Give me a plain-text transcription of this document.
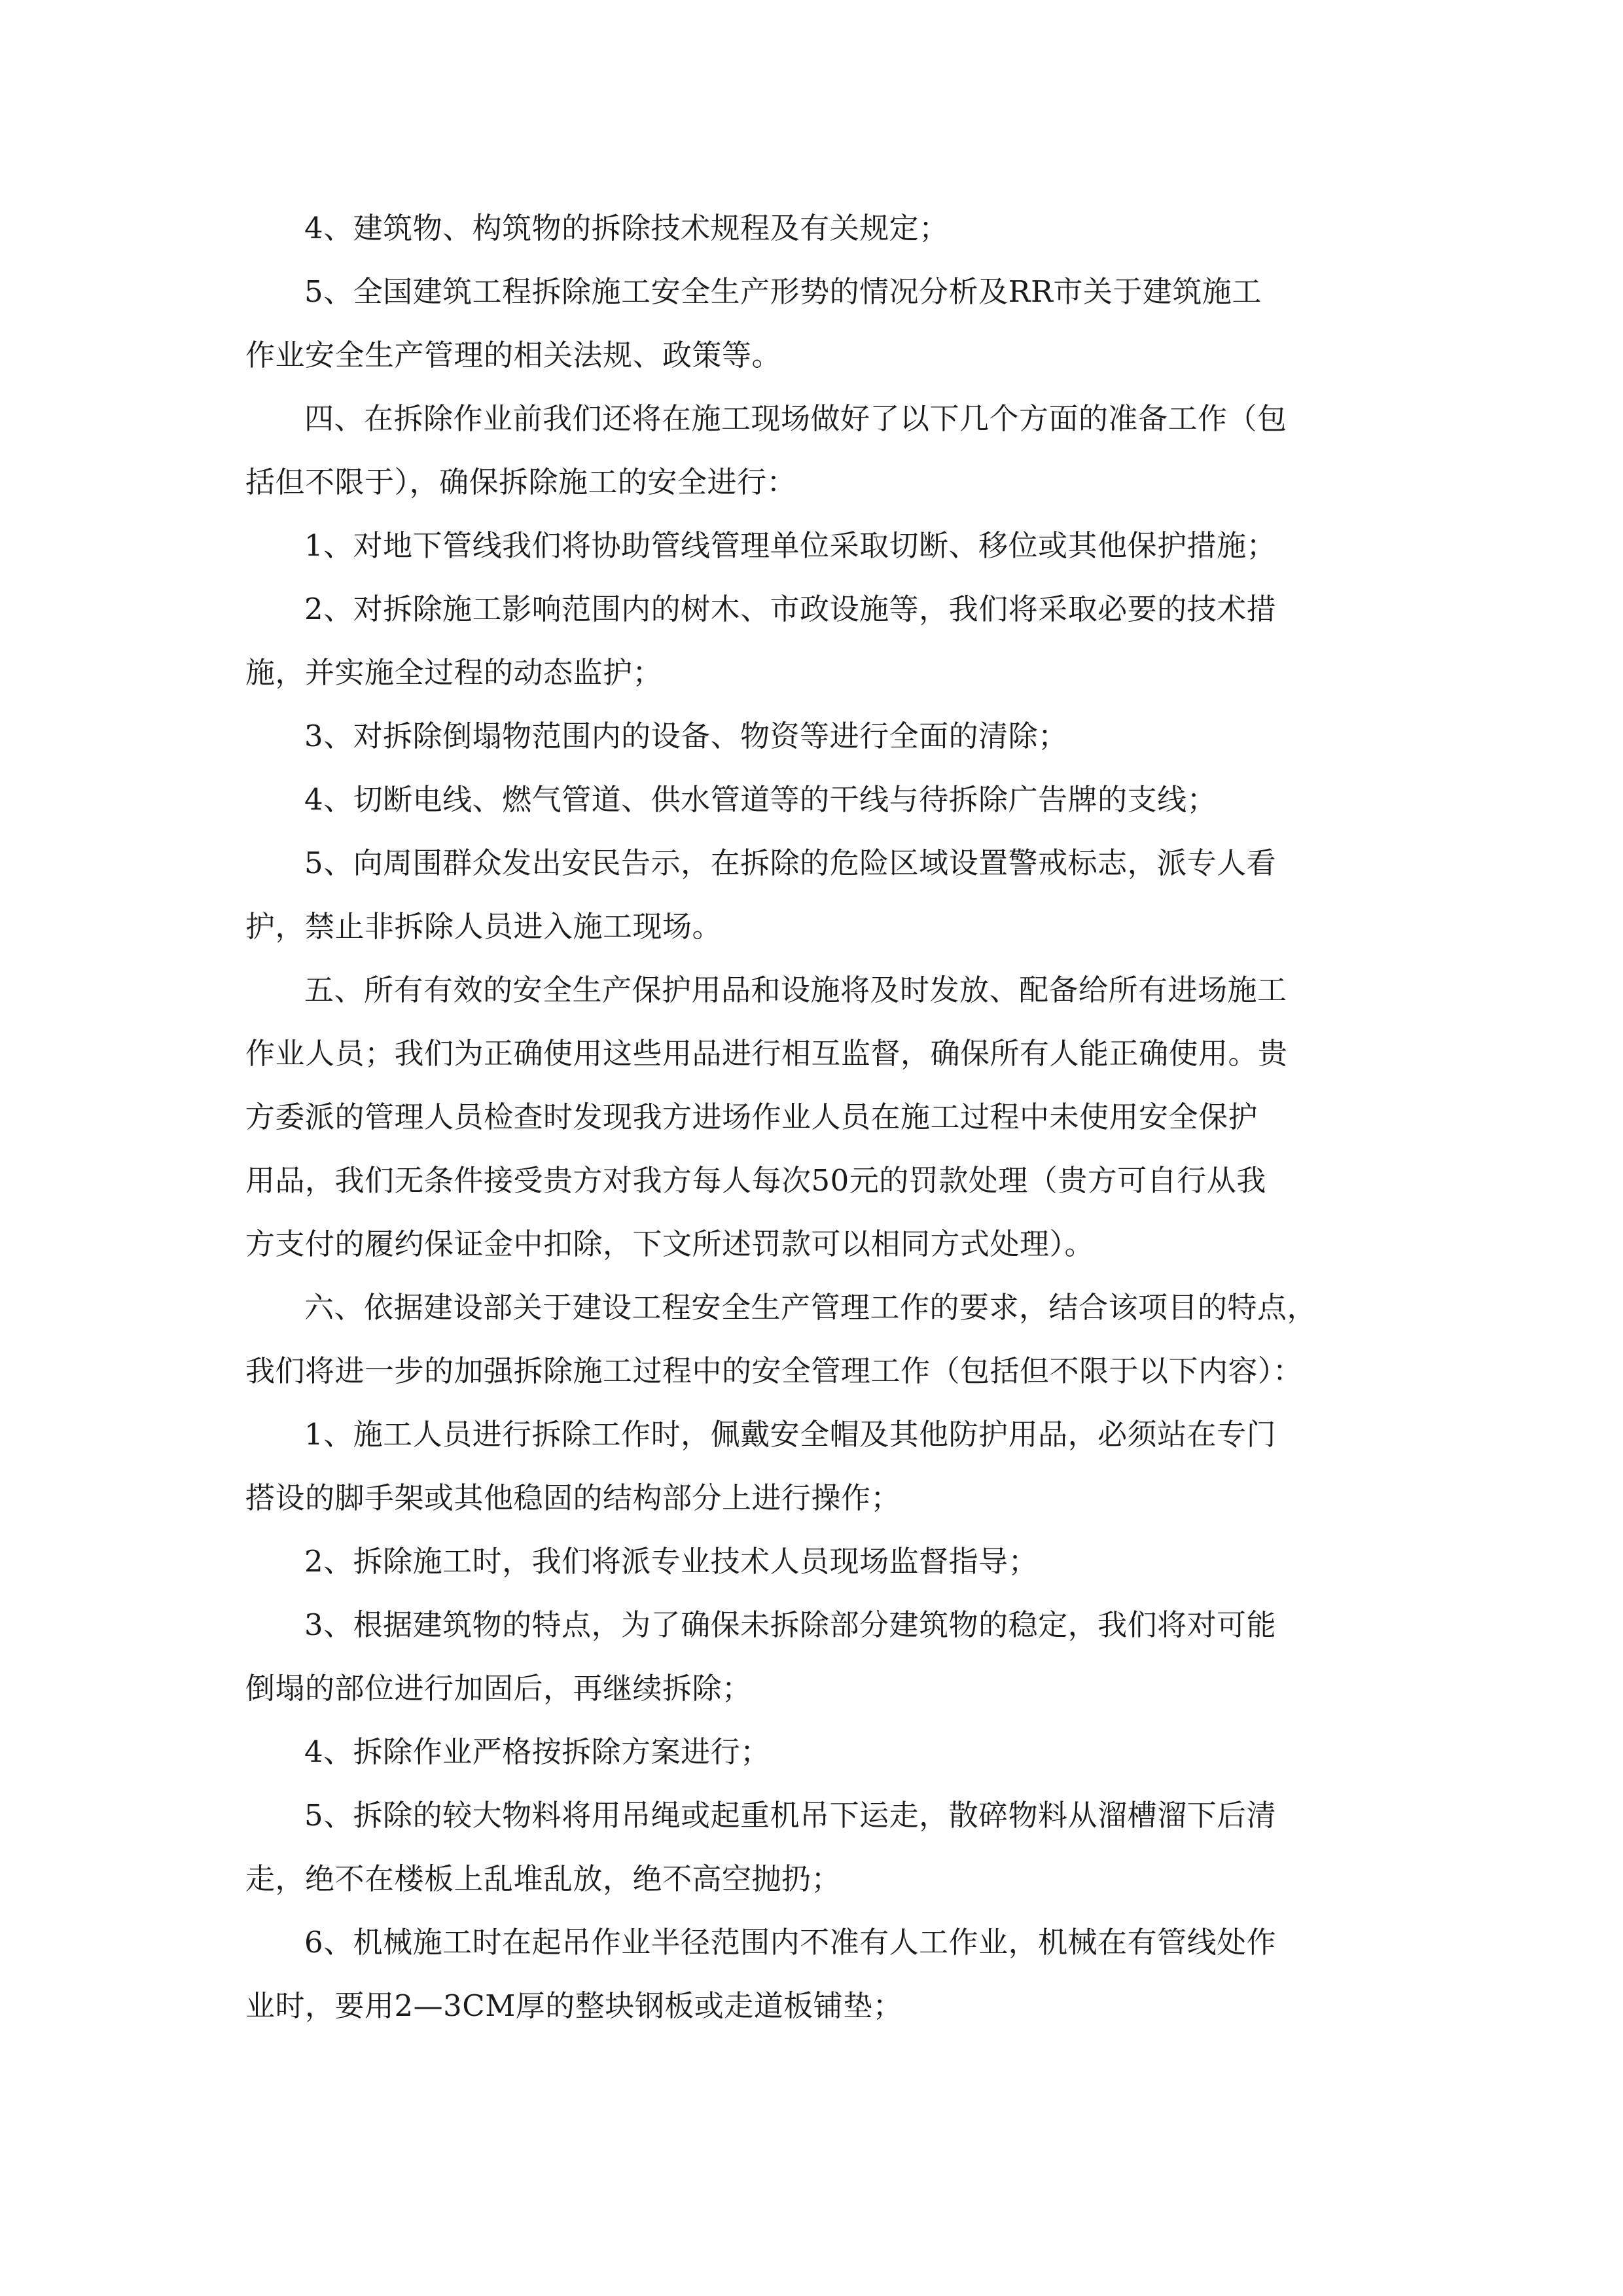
4、建筑物、构筑物的拆除技术规程及有关规定；

5、全国建筑工程拆除施工安全生产形势的情况分析及RR市关于建筑施工
作业安全生产管理的相关法规、政策等。

四、在拆除作业前我们还将在施工现场做好了以下几个方面的准备工作（包
括但不限于），确保拆除施工的安全进行：

1、对地下管线我们将协助管线管理单位采取切断、移位或其他保护措施；

2、对拆除施工影响范围内的树木、市政设施等，我们将采取必要的技术措
施，并实施全过程的动态监护；

3、对拆除倒塌物范围内的设备、物资等进行全面的清除；

4、切断电线、燃气管道、供水管道等的干线与待拆除广告牌的支线；

5、向周围群众发出安民告示，在拆除的危险区域设置警戒标志，派专人看
护，禁止非拆除人员进入施工现场。

五、所有有效的安全生产保护用品和设施将及时发放、配备给所有进场施工
作业人员；我们为正确使用这些用品进行相互监督，确保所有人能正确使用。贵
方委派的管理人员检查时发现我方进场作业人员在施工过程中未使用安全保护
用品，我们无条件接受贵方对我方每人每次50元的罚款处理（贵方可自行从我
方支付的履约保证金中扣除，下文所述罚款可以相同方式处理）。

六、依据建设部关于建设工程安全生产管理工作的要求，结合该项目的特点，
我们将进一步的加强拆除施工过程中的安全管理工作（包括但不限于以下内容）：

1、施工人员进行拆除工作时，佩戴安全帽及其他防护用品，必须站在专门
搭设的脚手架或其他稳固的结构部分上进行操作；

2、拆除施工时，我们将派专业技术人员现场监督指导；

3、根据建筑物的特点，为了确保未拆除部分建筑物的稳定，我们将对可能
倒塌的部位进行加固后，再继续拆除；

4、拆除作业严格按拆除方案进行；

5、拆除的较大物料将用吊绳或起重机吊下运走，散碎物料从溜槽溜下后清
走，绝不在楼板上乱堆乱放，绝不高空抛扔；

6、机械施工时在起吊作业半径范围内不准有人工作业，机械在有管线处作
业时，要用2—3CM厚的整块钢板或走道板铺垫；
